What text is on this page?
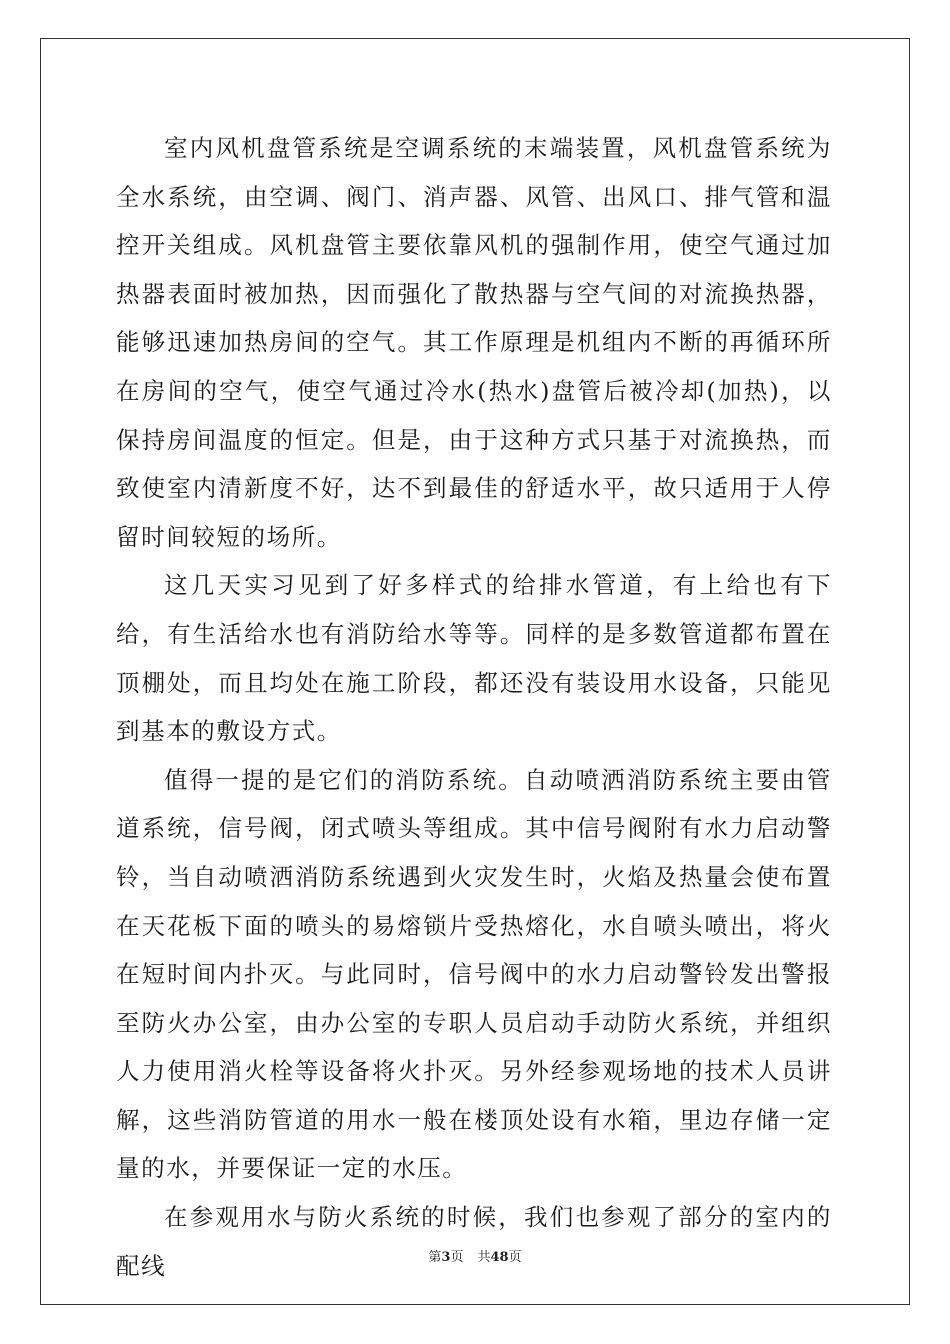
室内风机盘管系统是空调系统的末端装置，风机盘管系统为全水系统，由空调、阀门、消声器、风管、出风口、排气管和温控开关组成。风机盘管主要依靠风机的强制作用，使空气通过加热器表面时被加热，因而强化了散热器与空气间的对流换热器，能够迅速加热房间的空气。其工作原理是机组内不断的再循环所在房间的空气，使空气通过冷水(热水)盘管后被冷却(加热)，以保持房间温度的恒定。但是，由于这种方式只基于对流换热，而致使室内清新度不好，达不到最佳的舒适水平，故只适用于人停留时间较短的场所。

这几天实习见到了好多样式的给排水管道，有上给也有下给，有生活给水也有消防给水等等。同样的是多数管道都布置在顶棚处，而且均处在施工阶段，都还没有装设用水设备，只能见到基本的敷设方式。

值得一提的是它们的消防系统。自动喷洒消防系统主要由管道系统，信号阀，闭式喷头等组成。其中信号阀附有水力启动警铃，当自动喷洒消防系统遇到火灾发生时，火焰及热量会使布置在天花板下面的喷头的易熔锁片受热熔化，水自喷头喷出，将火在短时间内扑灭。与此同时，信号阀中的水力启动警铃发出警报至防火办公室，由办公室的专职人员启动手动防火系统，并组织人力使用消火栓等设备将火扑灭。另外经参观场地的技术人员讲解，这些消防管道的用水一般在楼顶处设有水箱，里边存储一定量的水，并要保证一定的水压。

在参观用水与防火系统的时候，我们也参观了部分的室内的配线	第3页 共48页
